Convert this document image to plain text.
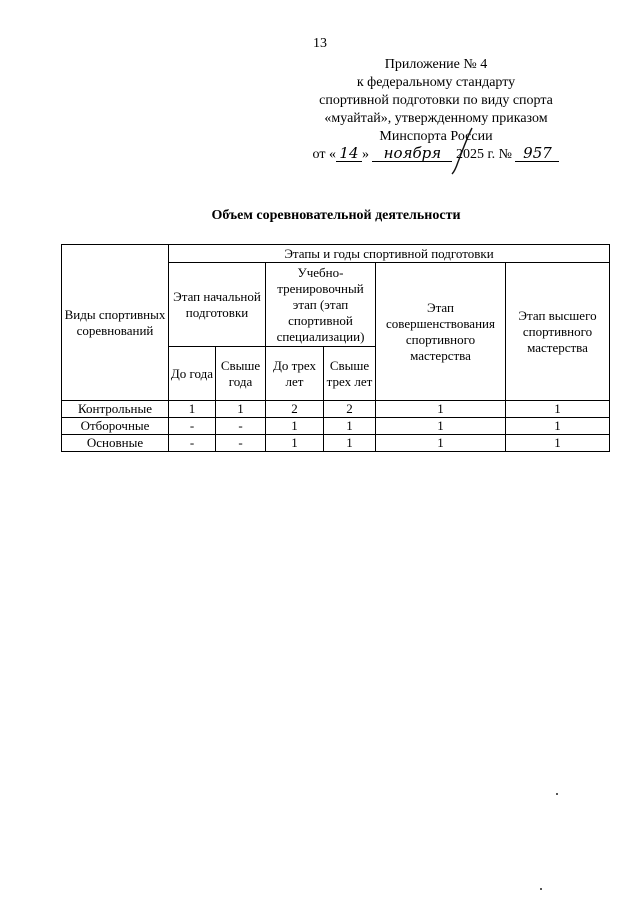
13
Приложение № 4
к федеральному стандарту
спортивной подготовки по виду спорта
«муайтай», утвержденному приказом
Минспорта России
от « 14 » ноября 2025 г. № 957
Объем соревновательной деятельности
Виды спортивных соревнований	Этапы и годы спортивной подготовки					
	Этап начальной подготовки		Учебно-тренировочный этап (этап спортивной специализации)		Этап совершенствования спортивного мастерства	Этап высшего спортивного мастерства
	До года	Свыше года	До трех лет	Свыше трех лет		
Контрольные	1	1	2	2	1	1
Отборочные	-	-	1	1	1	1
Основные	-	-	1	1	1	1
